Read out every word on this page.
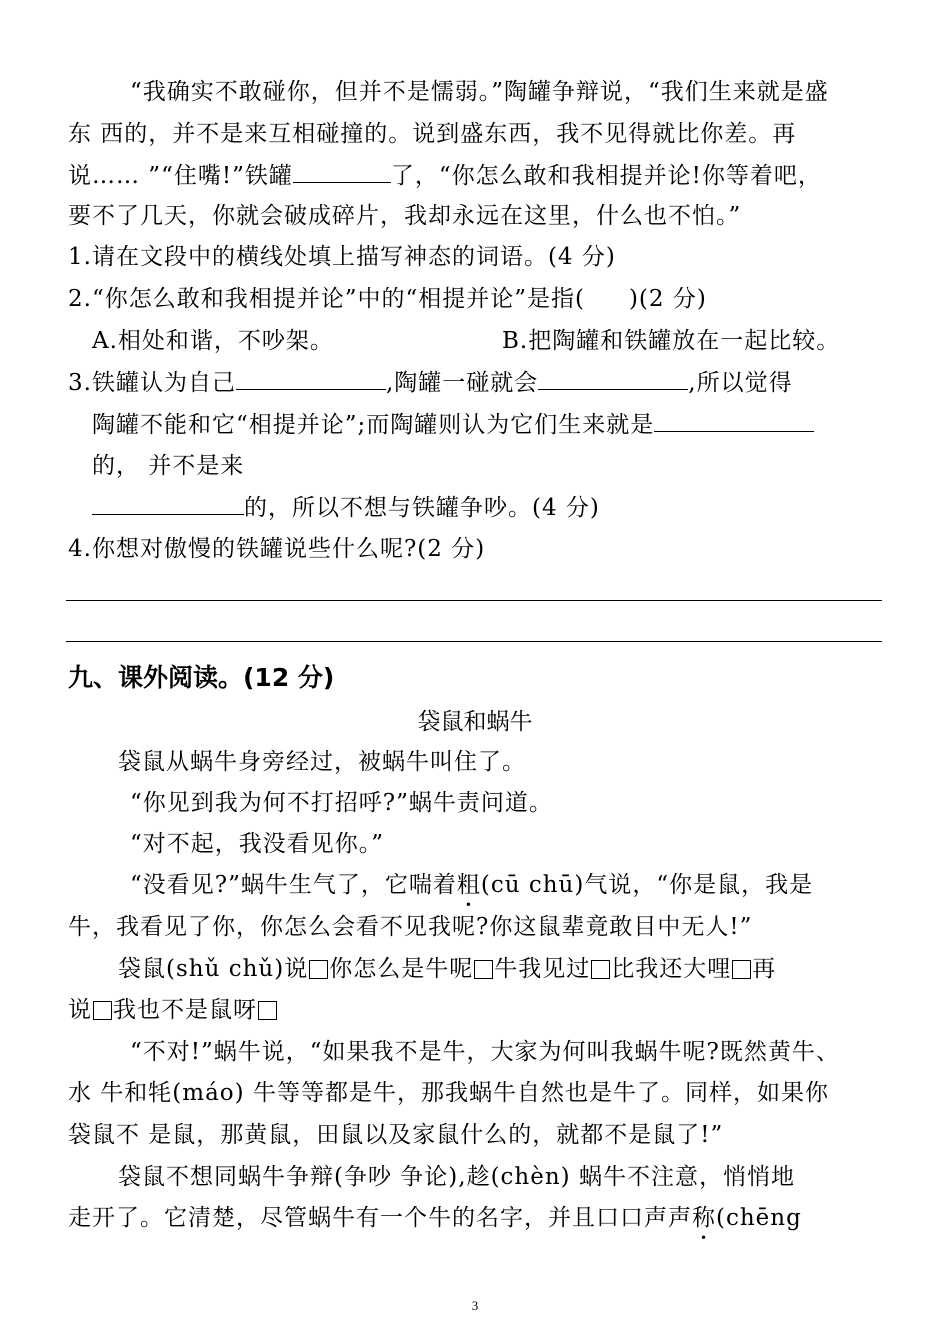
“我确实不敢碰你，但并不是懦弱。”陶罐争辩说，“我们生来就是盛
东 西的，并不是来互相碰撞的。说到盛东西，我不见得就比你差。再
说…… ”“住嘴!”铁罐	了，“你怎么敢和我相提并论!你等着吧，
要不了几天，你就会破成碎片，我却永远在这里，什么也不怕。”
1.请在文段中的横线处填上描写神态的词语。(4 分)
2.“你怎么敢和我相提并论”中的“相提并论”是指( )(2 分)
A.相处和谐，不吵架。	B.把陶罐和铁罐放在一起比较。
3.铁罐认为自己	,陶罐一碰就会	,所以觉得
陶罐不能和它“相提并论”;而陶罐则认为它们生来就是
的， 并不是来
的，所以不想与铁罐争吵。(4 分)
4.你想对傲慢的铁罐说些什么呢?(2 分)
九、课外阅读。(12 分)
袋鼠和蜗牛
袋鼠从蜗牛身旁经过，被蜗牛叫住了。
“你见到我为何不打招呼?”蜗牛责问道。
“对不起，我没看见你。”
“没看见?”蜗牛生气了，它喘着粗(cū chū)气说，“你是鼠，我是
牛，我看见了你，你怎么会看不见我呢?你这鼠辈竟敢目中无人!”
袋鼠(shǔ chǔ)说 你怎么是牛呢 牛我见过 比我还大哩 再
说 我也不是鼠呀
“不对!”蜗牛说，“如果我不是牛，大家为何叫我蜗牛呢?既然黄牛、
水 牛和牦(máo) 牛等等都是牛，那我蜗牛自然也是牛了。同样，如果你
袋鼠不 是鼠，那黄鼠，田鼠以及家鼠什么的，就都不是鼠了!”
袋鼠不想同蜗牛争辩(争吵 争论),趁(chèn) 蜗牛不注意，悄悄地
走开了。它清楚，尽管蜗牛有一个牛的名字，并且口口声声称(chēng
3
